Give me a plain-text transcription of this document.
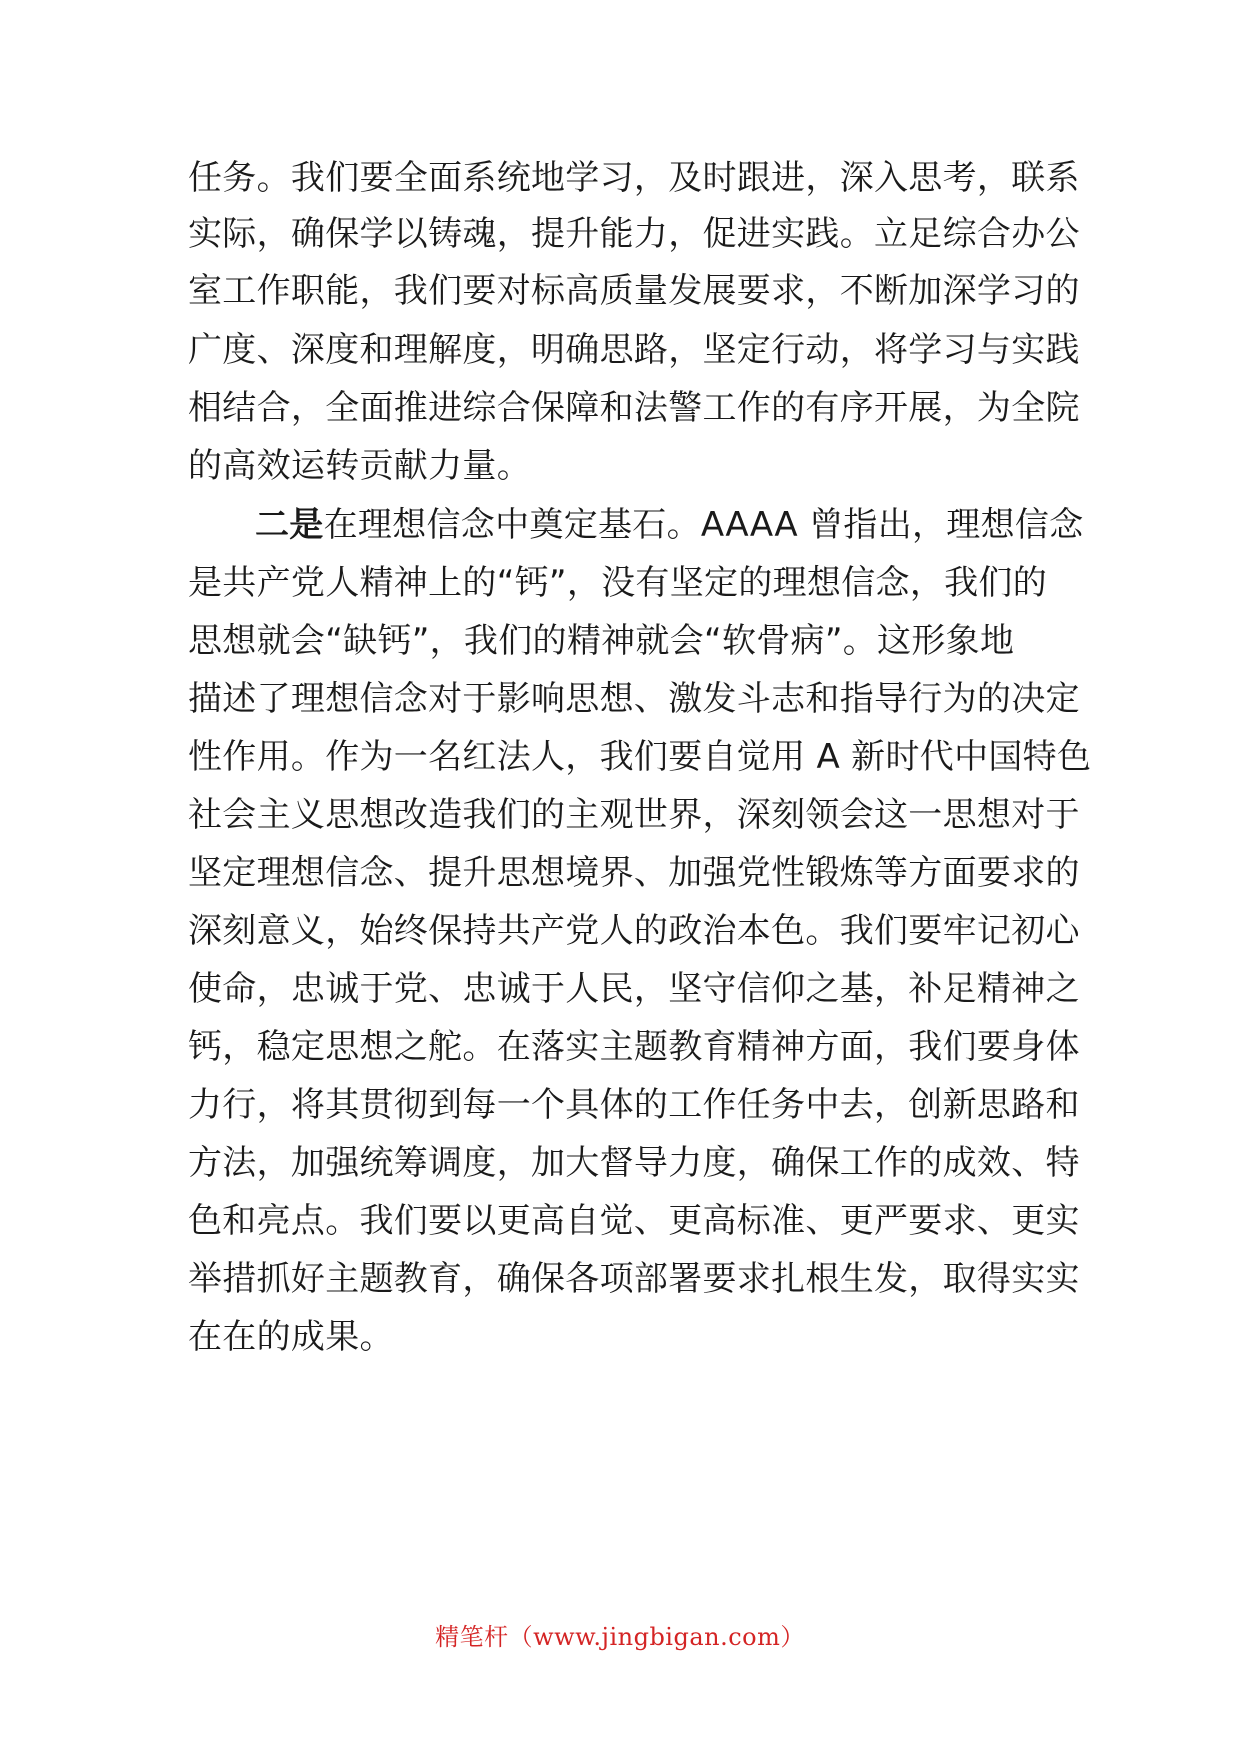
任务。我们要全面系统地学习，及时跟进，深入思考，联系
实际，确保学以铸魂，提升能力，促进实践。立足综合办公
室工作职能，我们要对标高质量发展要求，不断加深学习的
广度、深度和理解度，明确思路，坚定行动，将学习与实践
相结合，全面推进综合保障和法警工作的有序开展，为全院
的高效运转贡献力量。
二是在理想信念中奠定基石。AAAA 曾指出，理想信念
是共产党人精神上的“钙”，没有坚定的理想信念，我们的
思想就会“缺钙”，我们的精神就会“软骨病”。这形象地
描述了理想信念对于影响思想、激发斗志和指导行为的决定
性作用。作为一名红法人，我们要自觉用 A 新时代中国特色
社会主义思想改造我们的主观世界，深刻领会这一思想对于
坚定理想信念、提升思想境界、加强党性锻炼等方面要求的
深刻意义，始终保持共产党人的政治本色。我们要牢记初心
使命，忠诚于党、忠诚于人民，坚守信仰之基，补足精神之
钙，稳定思想之舵。在落实主题教育精神方面，我们要身体
力行，将其贯彻到每一个具体的工作任务中去，创新思路和
方法，加强统筹调度，加大督导力度，确保工作的成效、特
色和亮点。我们要以更高自觉、更高标准、更严要求、更实
举措抓好主题教育，确保各项部署要求扎根生发，取得实实
在在的成果。
精笔杆（www.jingbigan.com）
